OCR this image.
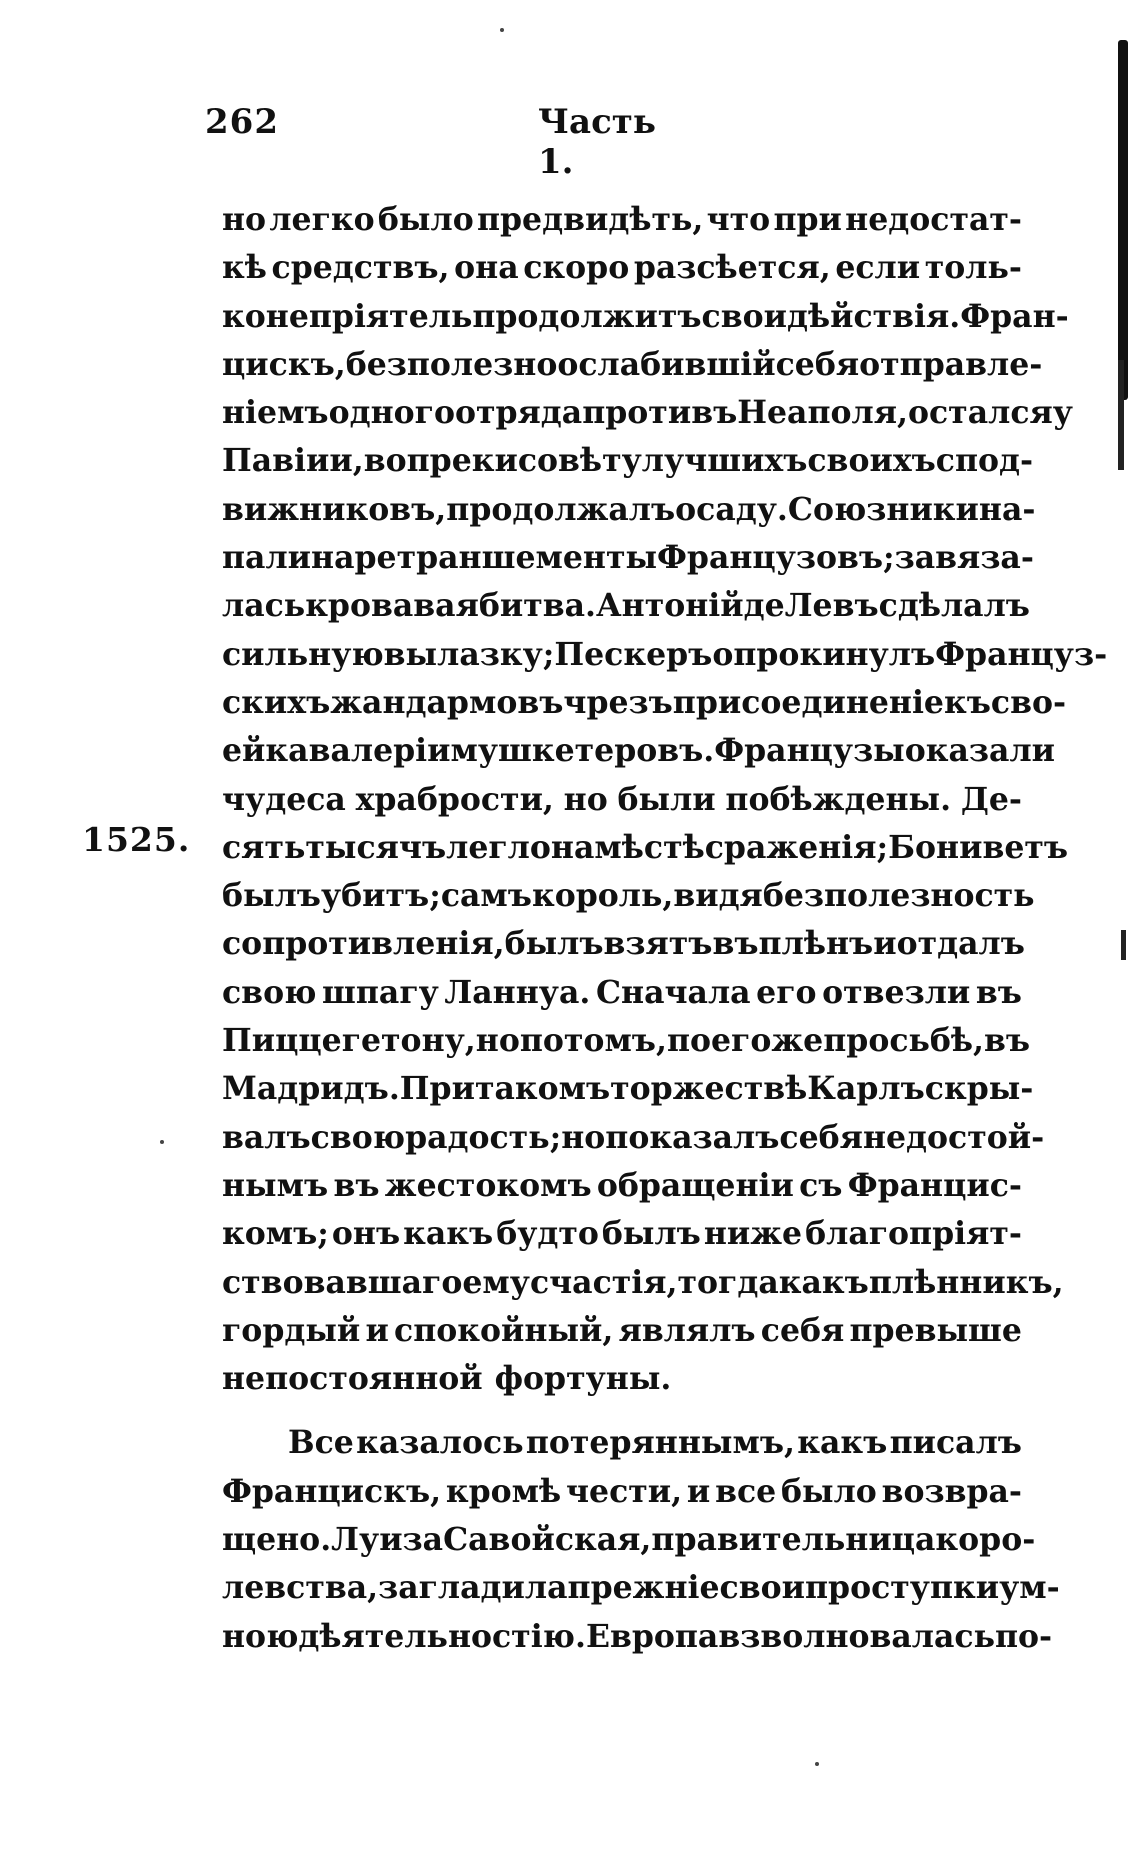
262	Часть 1.
1525.
но легко было предвидѣть, что при недостат-
кѣ средствъ, она скоро разсѣется, если толь-
ко непріятель продолжитъ свои дѣйствія. Фран-
цискъ, безполезно ослабившій себя отправле-
ніемъ одного отряда противъ Неаполя, остался у
Павіи и, вопреки совѣту лучшихъ своихъ спод-
вижниковъ, продолжалъ осаду. Союзники на-
пали на ретраншементы Французовъ; завяза-
лась кровавая битва. Антоній де Левъ сдѣлалъ
сильную вылазку; Пескеръ опрокинулъ Француз-
скихъ жандармовъ чрезъ присоединеніе къ сво-
ей кавалеріи мушкетеровъ. Французы оказали
чудеса храбрости, но были побѣждены. Де-
сять тысячъ легло на мѣстѣ сраженія; Бониветъ
былъ убитъ; самъ король, видя безполезность
сопротивленія, былъ взятъ въ плѣнъ и отдалъ
свою шпагу Ланнуа. Сначала его отвезли въ
Пиццегетону, но потомъ, по его же просьбѣ, въ
Мадридъ. При такомъ торжествѣ Карлъ скры-
валъ свою радость; но показалъ себя недостой-
нымъ въ жестокомъ обращеніи съ Францис-
комъ; онъ какъ будто былъ ниже благопріят-
ствовавшаго ему счастія, тогда какъ плѣнникъ,
гордый и спокойный, являлъ себя превыше
непостоянной фортуны.
Все казалось потеряннымъ, какъ писалъ
Францискъ, кромѣ чести, и все было возвра-
щено. Луиза Савойская, правительница коро-
левства, загладила прежніе свои проступки ум-
ною дѣятельностію. Европа взволновалась по-
